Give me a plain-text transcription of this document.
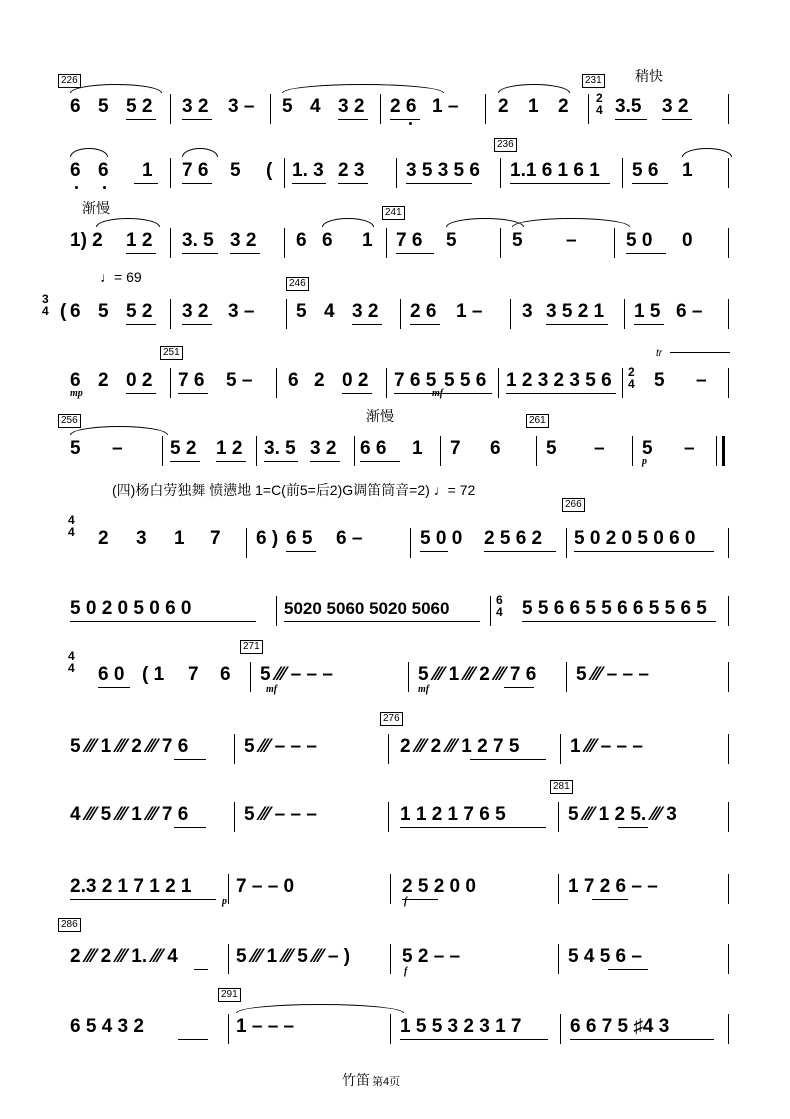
226
6 5 5 2 3 2 3 – 5 4 3 2 2 6 1 – 2 1 2
231 稍快
2
4 3.5 3 2
6 6 1 7 6 5 ( 1. 3 2 3 3 5 3 5 6
236
1.1 6 1 6 1 5 6 1
渐慢
1) 2 1 2 3. 5 3 2 6 6 1
241
7 6 5	5 –	5 0 0
♩= 69
3
4 ( 6 5 5 2 3 2 3 –
246
5 4 3 2 2 6 1 – 3 3 5 2 1 1 5 6 –
6
mp
2 0 2
251
7 6 5 – 6 2 0 2 7 6 5 5 5 6
mf
1 2 3 2 3 5 6 2
4
tr
5 –
256
5 – 5 2 1 2 3. 5 3 2
渐慢
6 6 1 7 6
261
5 – 5
p
–
(四)杨白劳独舞 愤懑地 1=C(前5=后2)G调笛筒音=2) ♩= 72
4
4 2 3 1 7 6 ) 6 5 6 –	5 0 0 2 5 6 2
266
5 0 2 0 5 0 6 0
5 0 2 0 5 0 6 0	5020 5060 5020 5060	6
4 5 5 6 6 5 5 6 6 5 5 6 5
4
4 6 0 ( 1 7 6
271
5 ⁄⁄⁄ – – –
mf
5 ⁄⁄⁄ 1 ⁄⁄⁄ 2 ⁄⁄⁄ 7 6
mf
5 ⁄⁄⁄ – – –
5 ⁄⁄⁄ 1 ⁄⁄⁄ 2 ⁄⁄⁄ 7 6	5 ⁄⁄⁄ – – –
276
2 ⁄⁄⁄ 2 ⁄⁄⁄ 1 2 7 5	1 ⁄⁄⁄ – – –
4 ⁄⁄⁄ 5 ⁄⁄⁄ 1 ⁄⁄⁄ 7 6	5 ⁄⁄⁄ – – –	1 1 2 1 7 6 5
281
5 ⁄⁄⁄ 1 2 5. ⁄⁄⁄ 3
2.3 2 1 7 1 2 1 7 – – 0
p
2 5 2 0 0
f
1 7 2 6 – –
286
2 ⁄⁄⁄ 2 ⁄⁄⁄ 1. ⁄⁄⁄ 4	5 ⁄⁄⁄ 1 ⁄⁄⁄ 5 ⁄⁄⁄ – )	5 2 – –
f
5 4 5 6 –
6 5 4 3 2
291
1 – – –	1 5 5 3 2 3 1 7	6 6 7 5 ♯4 3
竹笛 第4页
